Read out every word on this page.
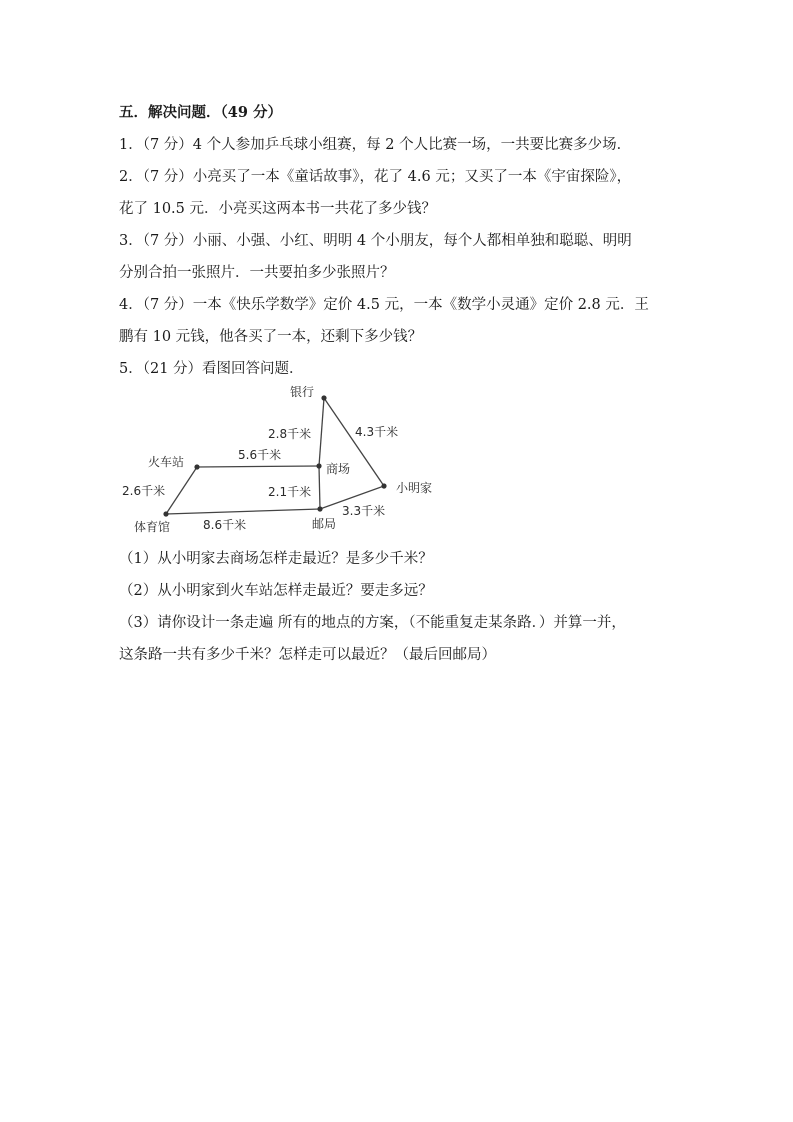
五．解决问题．（49 分）
1．（7 分）4 个人参加乒乓球小组赛，每 2 个人比赛一场，一共要比赛多少场．
2．（7 分）小亮买了一本《童话故事》，花了 4.6 元；又买了一本《宇宙探险》，
花了 10.5 元．小亮买这两本书一共花了多少钱？
3．（7 分）小丽、小强、小红、明明 4 个小朋友，每个人都相单独和聪聪、明明
分别合拍一张照片．一共要拍多少张照片？
4．（7 分）一本《快乐学数学》定价 4.5 元，一本《数学小灵通》定价 2.8 元．王
鹏有 10 元钱，他各买了一本，还剩下多少钱？
5．（21 分）看图回答问题．
银行
火车站	商场
小明家
体育馆	邮局
2.8千米	4.3千米
5.6千米
2.6千米	2.1千米
8.6千米
3.3千米
（1）从小明家去商场怎样走最近？是多少千米？
（2）从小明家到火车站怎样走最近？要走多远？
（3）请你设计一条走遍 所有的地点的方案，（不能重复走某条路．）并算一并，
这条路一共有多少千米？怎样走可以最近？（最后回邮局）
